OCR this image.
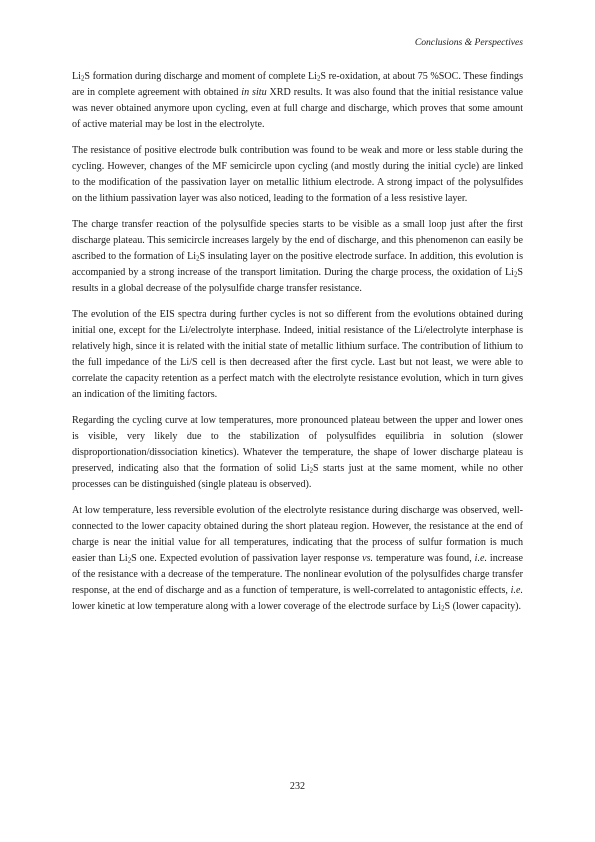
Conclusions & Perspectives

$Li_2S$ formation during discharge and moment of complete $Li_2S$ re-oxidation, at about 75 %SOC. These findings are in complete agreement with obtained in situ XRD results. It was also found that the initial resistance value was never obtained anymore upon cycling, even at full charge and discharge, which proves that some amount of active material may be lost in the electrolyte.

The resistance of positive electrode bulk contribution was found to be weak and more or less stable during the cycling. However, changes of the MF semicircle upon cycling (and mostly during the initial cycle) are linked to the modification of the passivation layer on metallic lithium electrode. A strong impact of the polysulfides on the lithium passivation layer was also noticed, leading to the formation of a less resistive layer.

The charge transfer reaction of the polysulfide species starts to be visible as a small loop just after the first discharge plateau. This semicircle increases largely by the end of discharge, and this phenomenon can easily be ascribed to the formation of $Li_2S$ insulating layer on the positive electrode surface. In addition, this evolution is accompanied by a strong increase of the transport limitation. During the charge process, the oxidation of $Li_2S$ results in a global decrease of the polysulfide charge transfer resistance.

The evolution of the EIS spectra during further cycles is not so different from the evolutions obtained during initial one, except for the Li/electrolyte interphase. Indeed, initial resistance of the Li/electrolyte interphase is relatively high, since it is related with the initial state of metallic lithium surface. The contribution of lithium to the full impedance of the Li/S cell is then decreased after the first cycle. Last but not least, we were able to correlate the capacity retention as a perfect match with the electrolyte resistance evolution, which in turn gives an indication of the limiting factors.

Regarding the cycling curve at low temperatures, more pronounced plateau between the upper and lower ones is visible, very likely due to the stabilization of polysulfides equilibria in solution (slower disproportionation/dissociation kinetics). Whatever the temperature, the shape of lower discharge plateau is preserved, indicating also that the formation of solid $Li_2S$ starts just at the same moment, while no other processes can be distinguished (single plateau is observed).

At low temperature, less reversible evolution of the electrolyte resistance during discharge was observed, well-connected to the lower capacity obtained during the short plateau region. However, the resistance at the end of charge is near the initial value for all temperatures, indicating that the process of sulfur formation is much easier than $Li_2S$ one. Expected evolution of passivation layer response vs. temperature was found, i.e. increase of the resistance with a decrease of the temperature. The nonlinear evolution of the polysulfides charge transfer response, at the end of discharge and as a function of temperature, is well-correlated to antagonistic effects, i.e. lower kinetic at low temperature along with a lower coverage of the electrode surface by $Li_2S$ (lower capacity).

232
